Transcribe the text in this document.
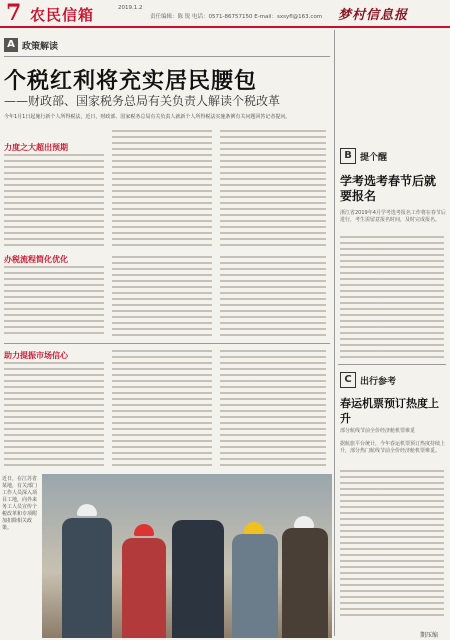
7 农民信箱	2019.1.2
责任编辑：陈 锐 电话：0571-86757150 E-mail：sxsyfl@163.com 梦村信息报
A 政策解读
个税红利将充实居民腰包
——财政部、国家税务总局有关负责人解读个税改革
今年1月1日起施行新个人所得税法，近日，财政部、国家税务总局有关负责人就新个人所得税法实施条例有关问题回答记者提问。
力度之大超出预期
办税流程简化优化
助力提振市场信心
B 提个醒
学考选考春节后就要报名
浙江省2019年4月学考选考报名工作将在春节后进行，考生需留意报名时间，及时完成报名。
C 出行参考
春运机票预订热度上升
部分航线节前全价经济舱机票难觅
据航旅平台统计，今年春运机票预订热度持续上升，部分热门航线节前全价经济舱机票难觅。
近日，在江苏省某地，有关部门工作人员深入项目工地，向外来务工人员宣传个税改革和专项附加扣除相关政策。
期压缩
